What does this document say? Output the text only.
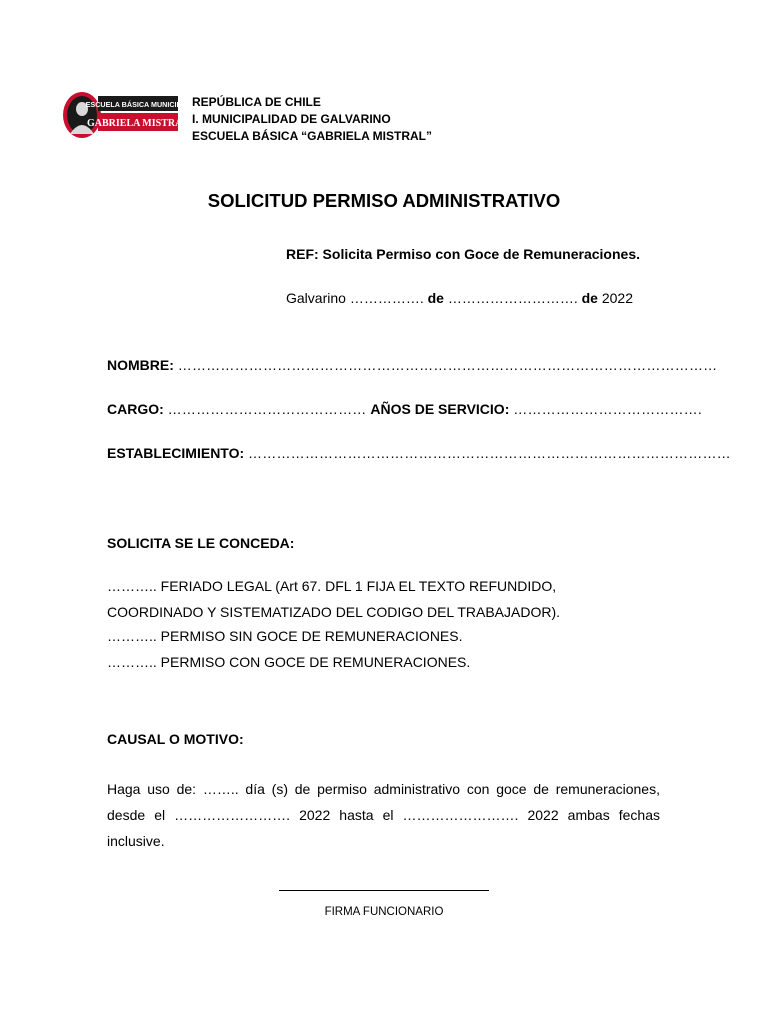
ESCUELA BÁSICA MUNICIPAL
GABRIELA MISTRAL
REPÚBLICA DE CHILE
I. MUNICIPALIDAD DE GALVARINO
ESCUELA BÁSICA “GABRIELA MISTRAL”
SOLICITUD PERMISO ADMINISTRATIVO
REF: Solicita Permiso con Goce de Remuneraciones.
Galvarino ……………. de ………………………. de 2022
NOMBRE: ……………………………………………………………………………………………………
CARGO: …………………………………… AÑOS DE SERVICIO: ………………………………….
ESTABLECIMIENTO: …………………………………………………………………………………………
SOLICITA SE LE CONCEDA:
……….. FERIADO LEGAL (Art 67. DFL 1 FIJA EL TEXTO REFUNDIDO,
COORDINADO Y SISTEMATIZADO DEL CODIGO DEL TRABAJADOR).
……….. PERMISO SIN GOCE DE REMUNERACIONES.
……….. PERMISO CON GOCE DE REMUNERACIONES.
CAUSAL O MOTIVO:
Haga uso de: …….. día (s) de permiso administrativo con goce de remuneraciones, desde el ……………………. 2022 hasta el ……………………. 2022 ambas fechas inclusive.
FIRMA FUNCIONARIO
